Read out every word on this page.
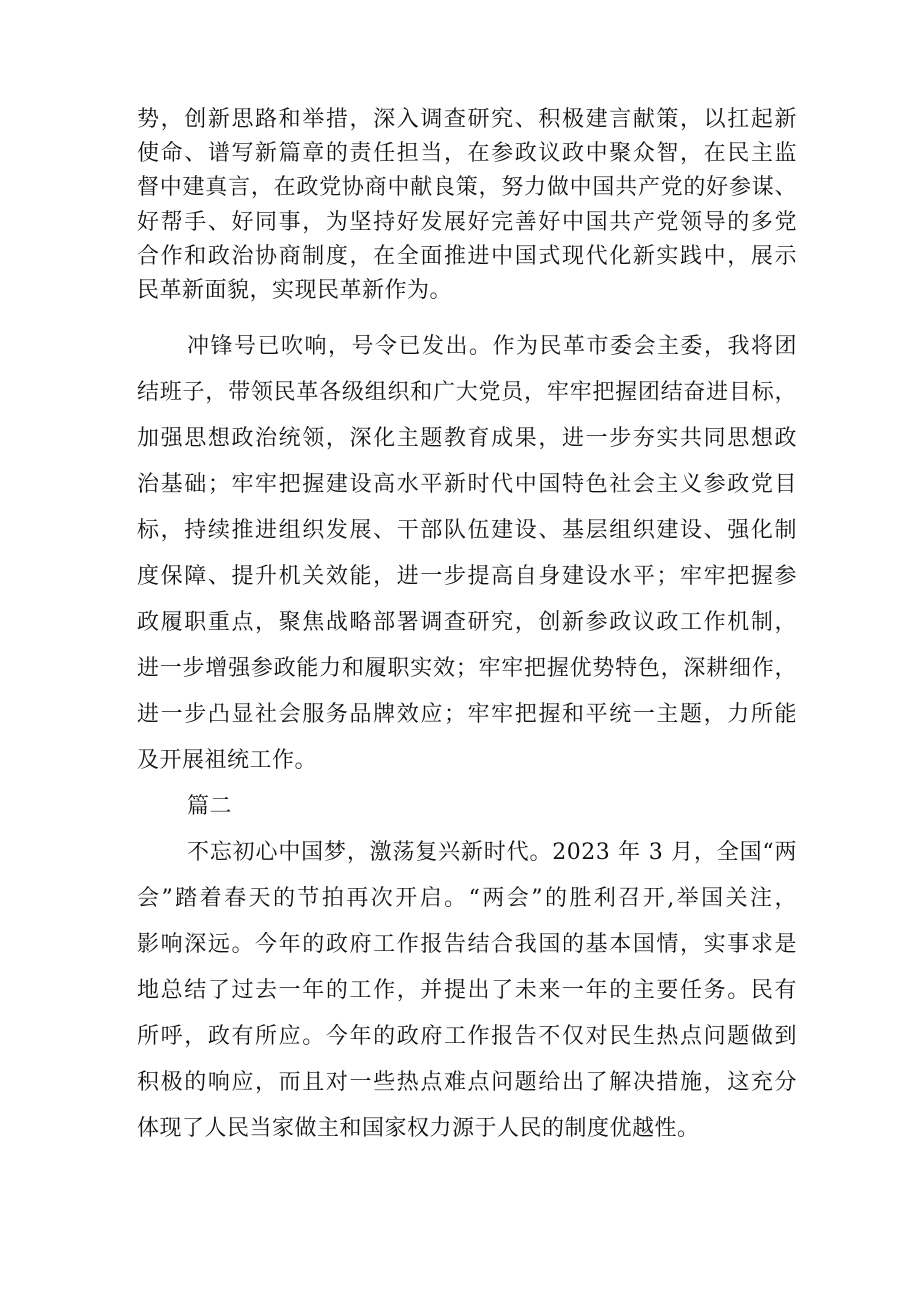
势，创新思路和举措，深入调查研究、积极建言献策，以扛起新
使命、谱写新篇章的责任担当，在参政议政中聚众智，在民主监
督中建真言，在政党协商中献良策，努力做中国共产党的好参谋、
好帮手、好同事，为坚持好发展好完善好中国共产党领导的多党
合作和政治协商制度，在全面推进中国式现代化新实践中，展示
民革新面貌，实现民革新作为。
冲锋号已吹响，号令已发出。作为民革市委会主委，我将团
结班子，带领民革各级组织和广大党员，牢牢把握团结奋进目标，
加强思想政治统领，深化主题教育成果，进一步夯实共同思想政
治基础；牢牢把握建设高水平新时代中国特色社会主义参政党目
标，持续推进组织发展、干部队伍建设、基层组织建设、强化制
度保障、提升机关效能，进一步提高自身建设水平；牢牢把握参
政履职重点，聚焦战略部署调查研究，创新参政议政工作机制，
进一步增强参政能力和履职实效；牢牢把握优势特色，深耕细作，
进一步凸显社会服务品牌效应；牢牢把握和平统一主题，力所能
及开展祖统工作。
篇二
不忘初心中国梦，激荡复兴新时代。2023 年 3 月，全国“两
会”踏着春天的节拍再次开启。“两会”的胜利召开,举国关注，
影响深远。今年的政府工作报告结合我国的基本国情，实事求是
地总结了过去一年的工作，并提出了未来一年的主要任务。民有
所呼，政有所应。今年的政府工作报告不仅对民生热点问题做到
积极的响应，而且对一些热点难点问题给出了解决措施，这充分
体现了人民当家做主和国家权力源于人民的制度优越性。
